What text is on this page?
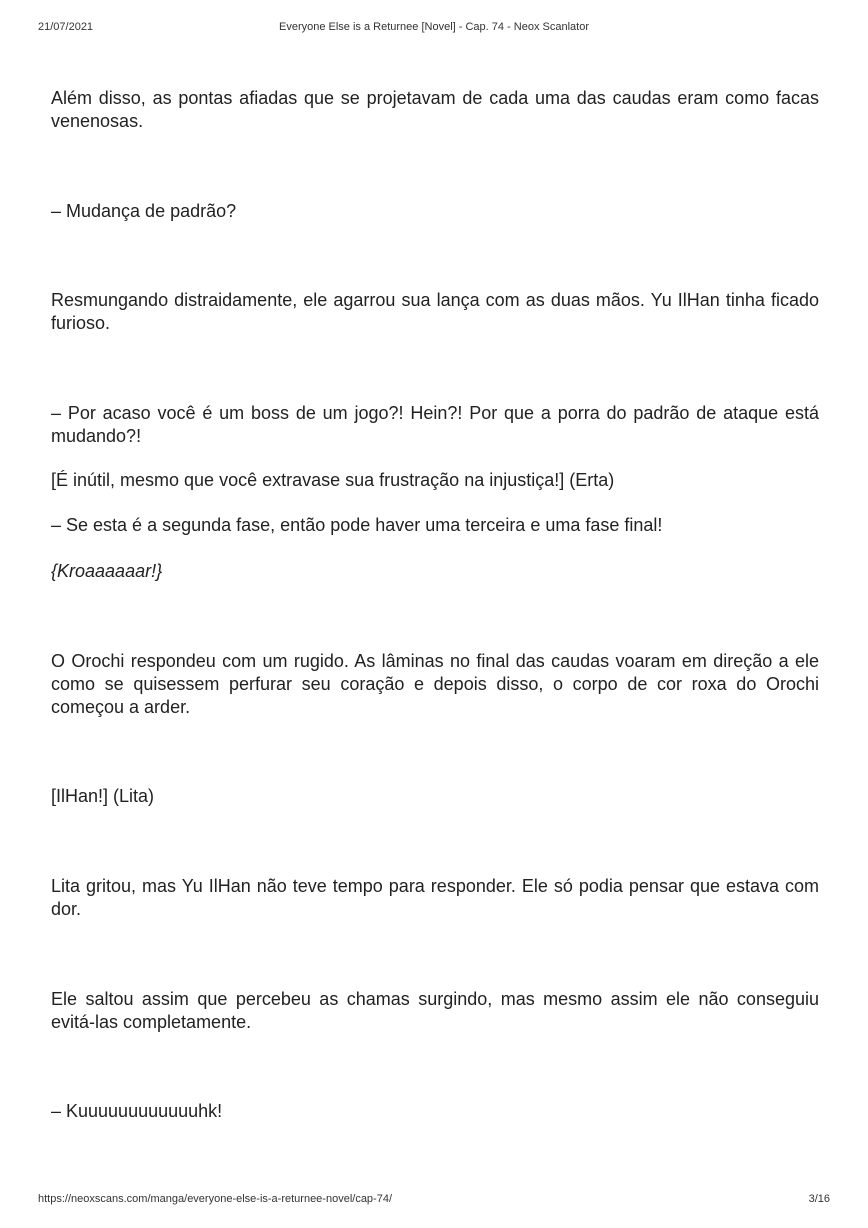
21/07/2021	Everyone Else is a Returnee [Novel] - Cap. 74 - Neox Scanlator

Além disso, as pontas afiadas que se projetavam de cada uma das caudas eram como facas venenosas.

– Mudança de padrão?

Resmungando distraidamente, ele agarrou sua lança com as duas mãos. Yu IlHan tinha ficado furioso.

– Por acaso você é um boss de um jogo?! Hein?! Por que a porra do padrão de ataque está mudando?!

[É inútil, mesmo que você extravase sua frustração na injustiça!] (Erta)

– Se esta é a segunda fase, então pode haver uma terceira e uma fase final!

{Kroaaaaaar!}

O Orochi respondeu com um rugido. As lâminas no final das caudas voaram em direção a ele como se quisessem perfurar seu coração e depois disso, o corpo de cor roxa do Orochi começou a arder.

[IlHan!] (Lita)

Lita gritou, mas Yu IlHan não teve tempo para responder. Ele só podia pensar que estava com dor.

Ele saltou assim que percebeu as chamas surgindo, mas mesmo assim ele não conseguiu evitá-las completamente.

– Kuuuuuuuuuuuuhk!

https://neoxscans.com/manga/everyone-else-is-a-returnee-novel/cap-74/	3/16
